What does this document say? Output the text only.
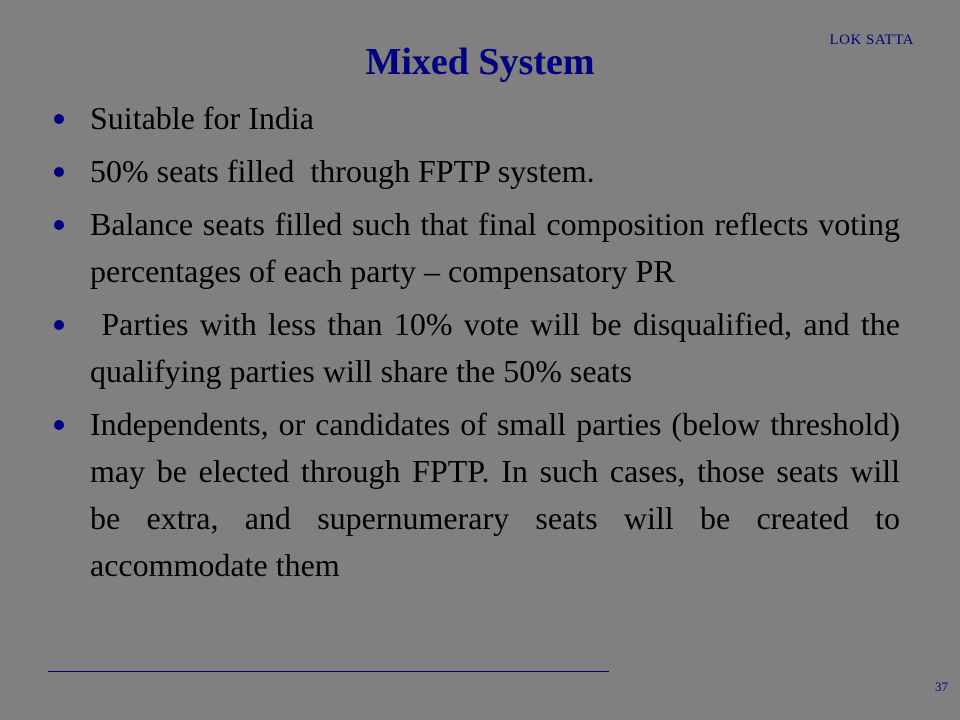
LOK SATTA
Mixed System
Suitable for India
50% seats filled  through FPTP system.
Balance seats filled such that final composition reflects voting percentages of each party – compensatory PR
Parties with less than 10% vote will be disqualified, and the qualifying parties will share the 50% seats
Independents, or candidates of small parties (below threshold) may be elected through FPTP. In such cases, those seats will be extra, and supernumerary seats will be created to accommodate them
37
